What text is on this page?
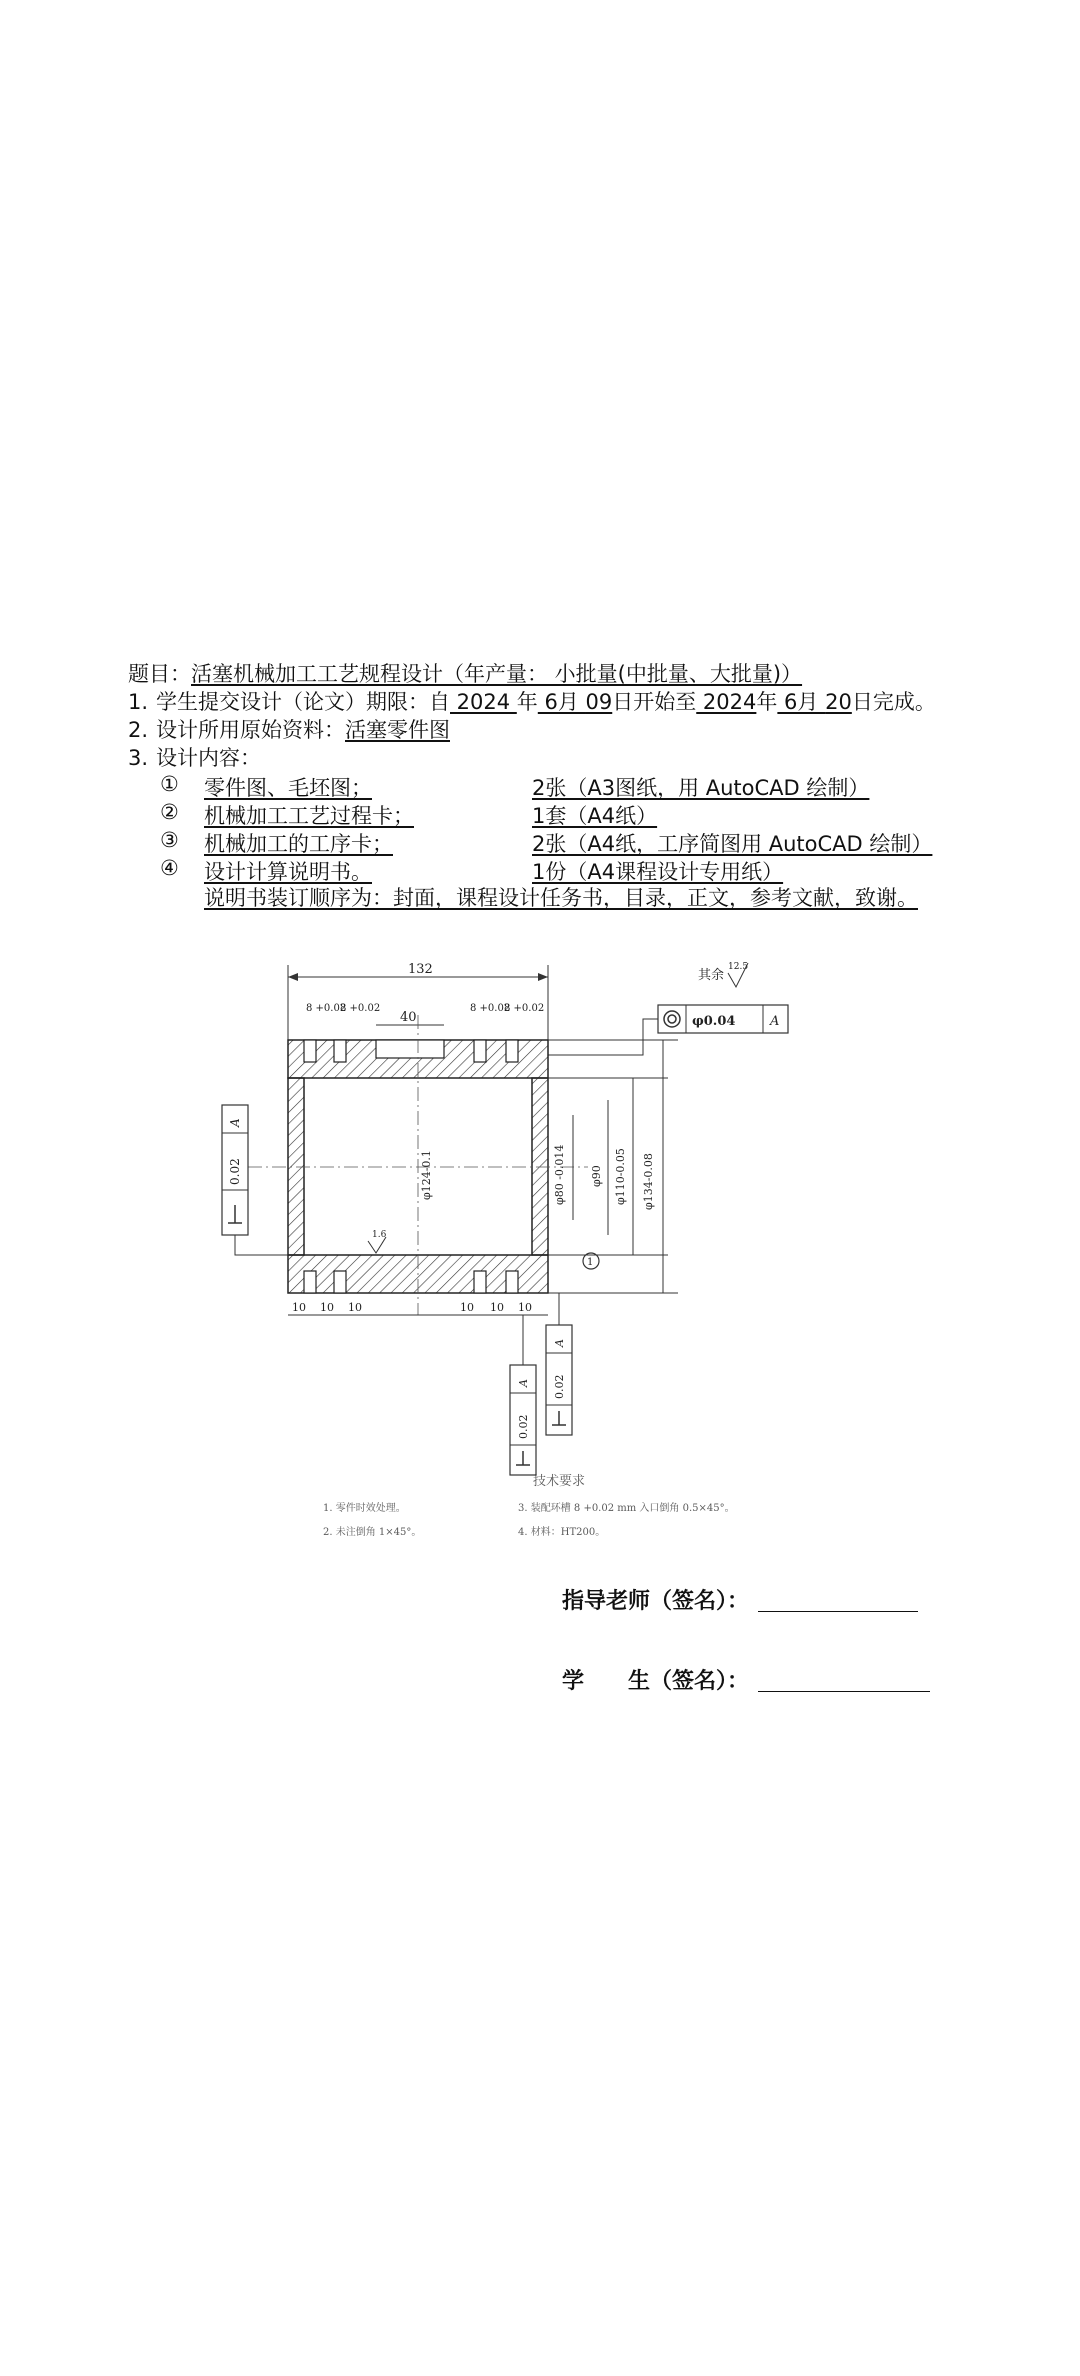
题目：活塞机械加工工艺规程设计（年产量： 小批量(中批量、大批量)）
1. 学生提交设计（论文）期限：自 2024 年 6月 09日开始至 2024年 6月 20日完成。
2. 设计所用原始资料：活塞零件图
3. 设计内容：
① 零件图、毛坯图；	2张（A3图纸，用 AutoCAD 绘制）
② 机械加工工艺过程卡；	1套（A4纸）
③ 机械加工的工序卡；	2张（A4纸，工序简图用 AutoCAD 绘制）
④ 设计计算说明书。	1份（A4课程设计专用纸）
说明书装订顺序为：封面，课程设计任务书，目录，正文，参考文献，致谢。
132
8 +0.02
8 +0.02	8 +0.02
8 +0.02
40
其余
12.5
φ0.04	A
φ124-0.1	φ80 -0.014 φ90 φ110-0.05 φ134-0.08
1
1.6
0.02
A
10 10 10	10 10 10
A
0.02
A
0.02
技术要求
1. 零件时效处理。	3. 装配环槽 8 +0.02 mm 入口倒角 0.5×45°。
2. 未注倒角 1×45°。	4. 材料：HT200。
指导老师（签名）：
学　　生（签名）：
